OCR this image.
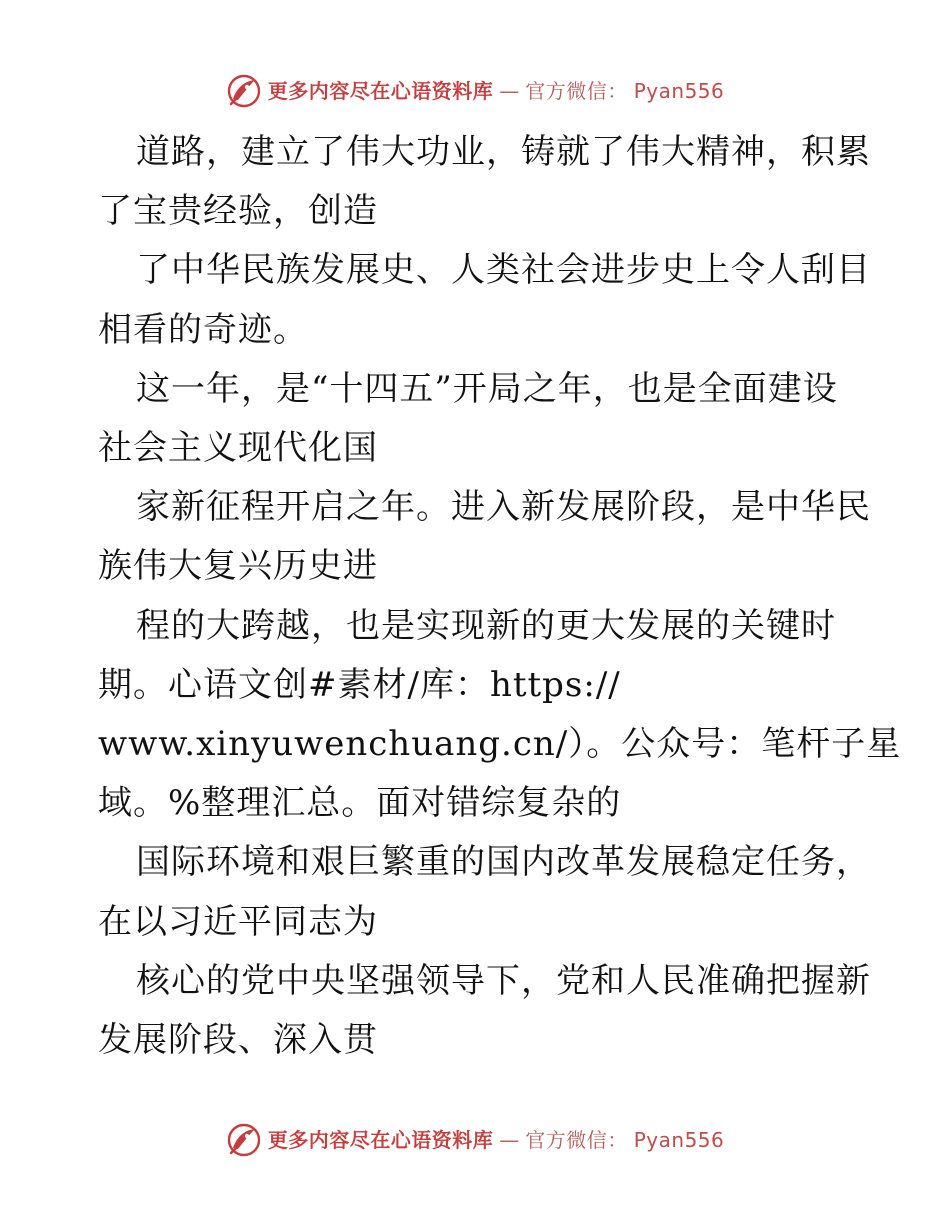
更多内容尽在心语资料库 — 官方微信： Pyan556

道路，建立了伟大功业，铸就了伟大精神，积累

了宝贵经验，创造

了中华民族发展史、人类社会进步史上令人刮目

相看的奇迹。

这一年，是“十四五”开局之年，也是全面建设

社会主义现代化国

家新征程开启之年。进入新发展阶段，是中华民

族伟大复兴历史进

程的大跨越，也是实现新的更大发展的关键时

期。心语文创#素材/库：https://

www.xinyuwenchuang.cn/）。公众号：笔杆子星

域。%整理汇总。面对错综复杂的

国际环境和艰巨繁重的国内改革发展稳定任务，

在以习近平同志为

核心的党中央坚强领导下，党和人民准确把握新

发展阶段、深入贯

更多内容尽在心语资料库 — 官方微信： Pyan556
